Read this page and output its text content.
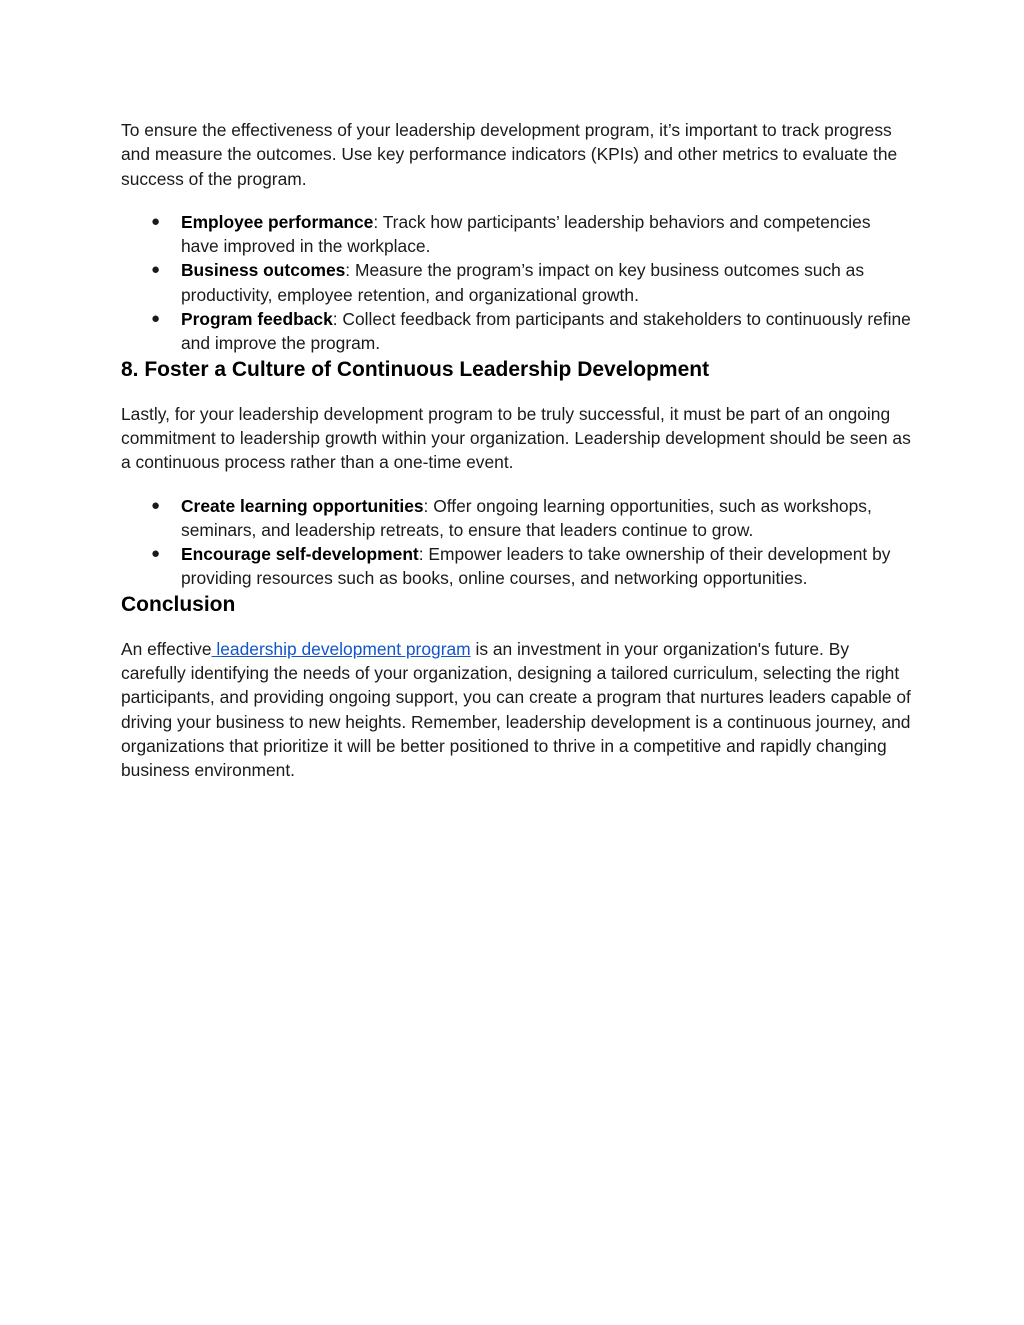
To ensure the effectiveness of your leadership development program, it’s important to track progress and measure the outcomes. Use key performance indicators (KPIs) and other metrics to evaluate the success of the program.

● Employee performance: Track how participants’ leadership behaviors and competencies have improved in the workplace.
● Business outcomes: Measure the program’s impact on key business outcomes such as productivity, employee retention, and organizational growth.
● Program feedback: Collect feedback from participants and stakeholders to continuously refine and improve the program.
8. Foster a Culture of Continuous Leadership Development

Lastly, for your leadership development program to be truly successful, it must be part of an ongoing commitment to leadership growth within your organization. Leadership development should be seen as a continuous process rather than a one-time event.

● Create learning opportunities: Offer ongoing learning opportunities, such as workshops, seminars, and leadership retreats, to ensure that leaders continue to grow.
● Encourage self-development: Empower leaders to take ownership of their development by providing resources such as books, online courses, and networking opportunities.
Conclusion

An effective leadership development program is an investment in your organization's future. By carefully identifying the needs of your organization, designing a tailored curriculum, selecting the right participants, and providing ongoing support, you can create a program that nurtures leaders capable of driving your business to new heights. Remember, leadership development is a continuous journey, and organizations that prioritize it will be better positioned to thrive in a competitive and rapidly changing business environment.
